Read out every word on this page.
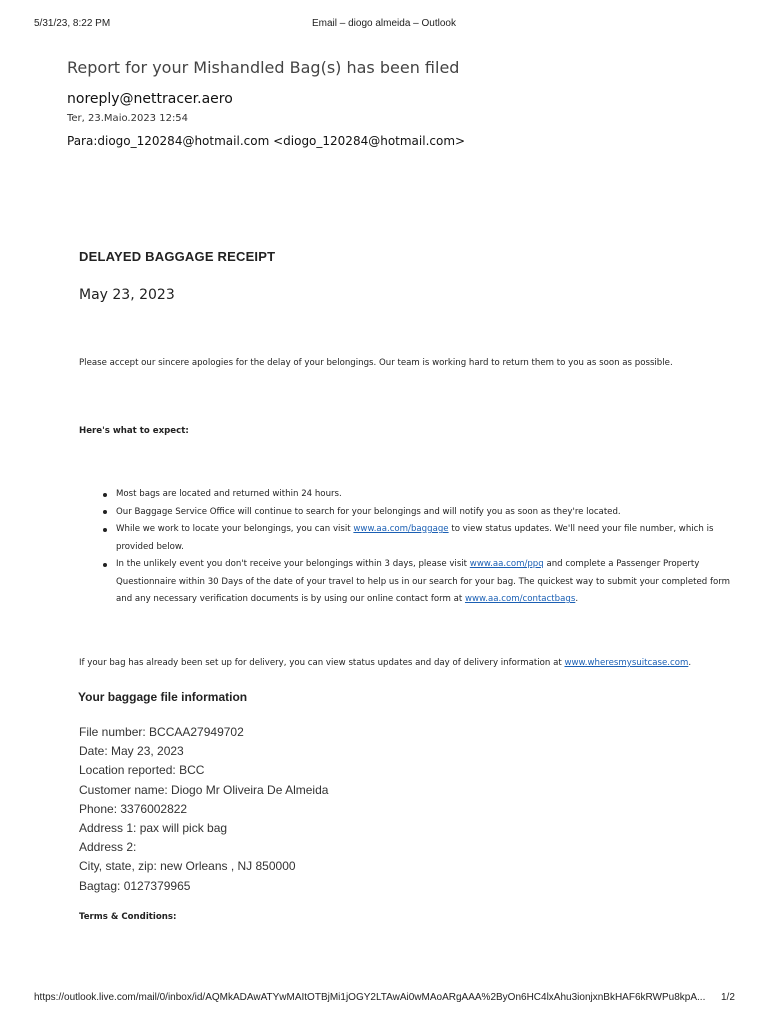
5/31/23, 8:22 PM	Email – diogo almeida – Outlook
Report for your Mishandled Bag(s) has been filed
noreply@nettracer.aero
Ter, 23.Maio.2023 12:54
Para:diogo_120284@hotmail.com <diogo_120284@hotmail.com>
DELAYED BAGGAGE RECEIPT
May 23, 2023
Please accept our sincere apologies for the delay of your belongings. Our team is working hard to return them to you as soon as possible.
Here's what to expect:
Most bags are located and returned within 24 hours.
Our Baggage Service Office will continue to search for your belongings and will notify you as soon as they're located.
While we work to locate your belongings, you can visit www.aa.com/baggage to view status updates. We'll need your file number, which is provided below.
In the unlikely event you don't receive your belongings within 3 days, please visit www.aa.com/ppq and complete a Passenger Property Questionnaire within 30 Days of the date of your travel to help us in our search for your bag. The quickest way to submit your completed form and any necessary verification documents is by using our online contact form at www.aa.com/contactbags.
If your bag has already been set up for delivery, you can view status updates and day of delivery information at www.wheresmysuitcase.com.
Your baggage file information
File number: BCCAA27949702
Date: May 23, 2023
Location reported: BCC
Customer name: Diogo Mr Oliveira De Almeida
Phone: 3376002822
Address 1: pax will pick bag
Address 2:
City, state, zip: new Orleans , NJ 850000
Bagtag: 0127379965
Terms & Conditions:
https://outlook.live.com/mail/0/inbox/id/AQMkADAwATYwMAItOTBjMi1jOGY2LTAwAi0wMAoARgAAA%2ByOn6HC4lxAhu3ionjxnBkHAF6kRWPu8kpA...	1/2
